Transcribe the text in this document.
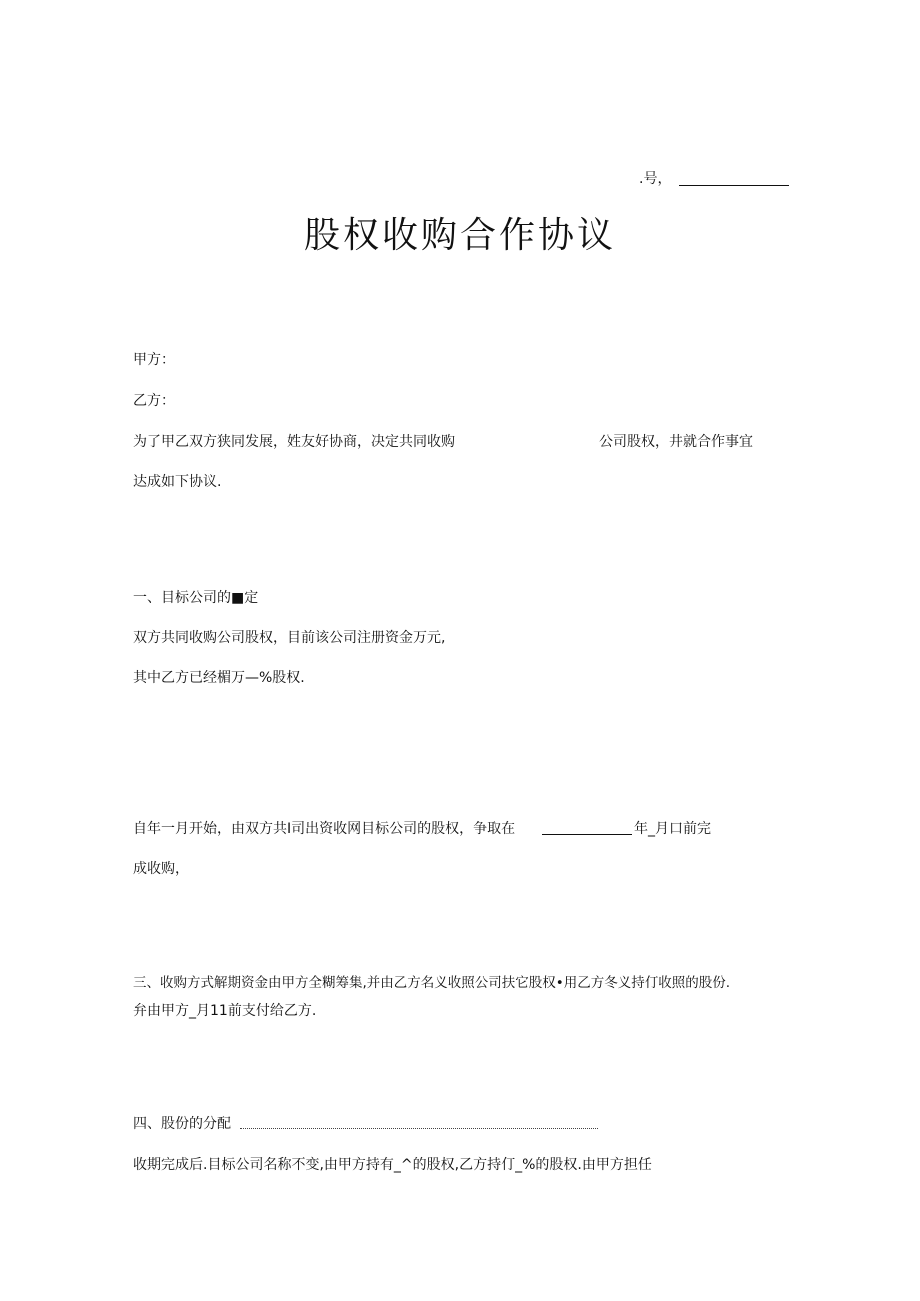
.号，
股权收购合作协议
甲方：
乙方：
为了甲乙双方狭同发展，姓友好协商，决定共同收购	公司股权，井就合作事宜
达成如下协议.
一、目标公司的■定
双方共同收购公司股权，目前该公司注册资金万元,
其中乙方已经楣万—%股权.
自年一月开始，由双方共I司出资收网目标公司的股权，争取在	年_月口前完
成收购，
三、收购方式解期资金由甲方全糊筹集,并由乙方名义收照公司扶它股权•用乙方冬义持仃收照的股份.
弁由甲方_月11前支付给乙方.
四、股份的分配
收期完成后.目标公司名称不变,由甲方持有_^的股权,乙方持仃_%的股权.由甲方担任
